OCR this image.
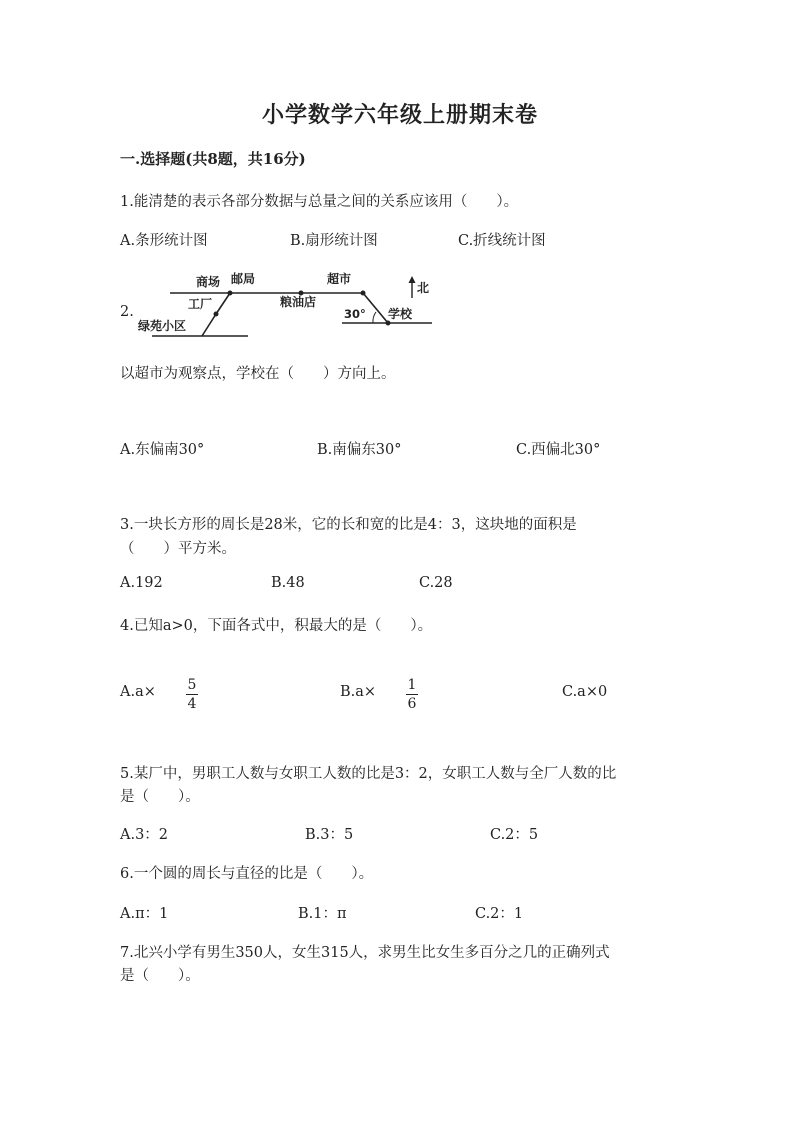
小学数学六年级上册期末卷
一.选择题(共8题，共16分)
1.能清楚的表示各部分数据与总量之间的关系应该用（　　）。
A.条形统计图	B.扇形统计图	C.折线统计图
2.
商场 邮局	超市
北
工厂	粮油店
绿苑小区
30° 学校
以超市为观察点，学校在（　　）方向上。
A.东偏南30°	B.南偏东30°	C.西偏北30°
3.一块长方形的周长是28米，它的长和宽的比是4：3，这块地的面积是
（　　）平方米。
A.192	B.48	C.28
4.已知a>0，下面各式中，积最大的是（　　）。
A.a× 5
4
B.a× 1
6
C.a×0
5.某厂中，男职工人数与女职工人数的比是3：2，女职工人数与全厂人数的比
是（　　）。
A.3：2	B.3：5	C.2：5
6.一个圆的周长与直径的比是（　　）。
A.π：1	B.1：π	C.2：1
7.北兴小学有男生350人，女生315人，求男生比女生多百分之几的正确列式
是（　　）。
